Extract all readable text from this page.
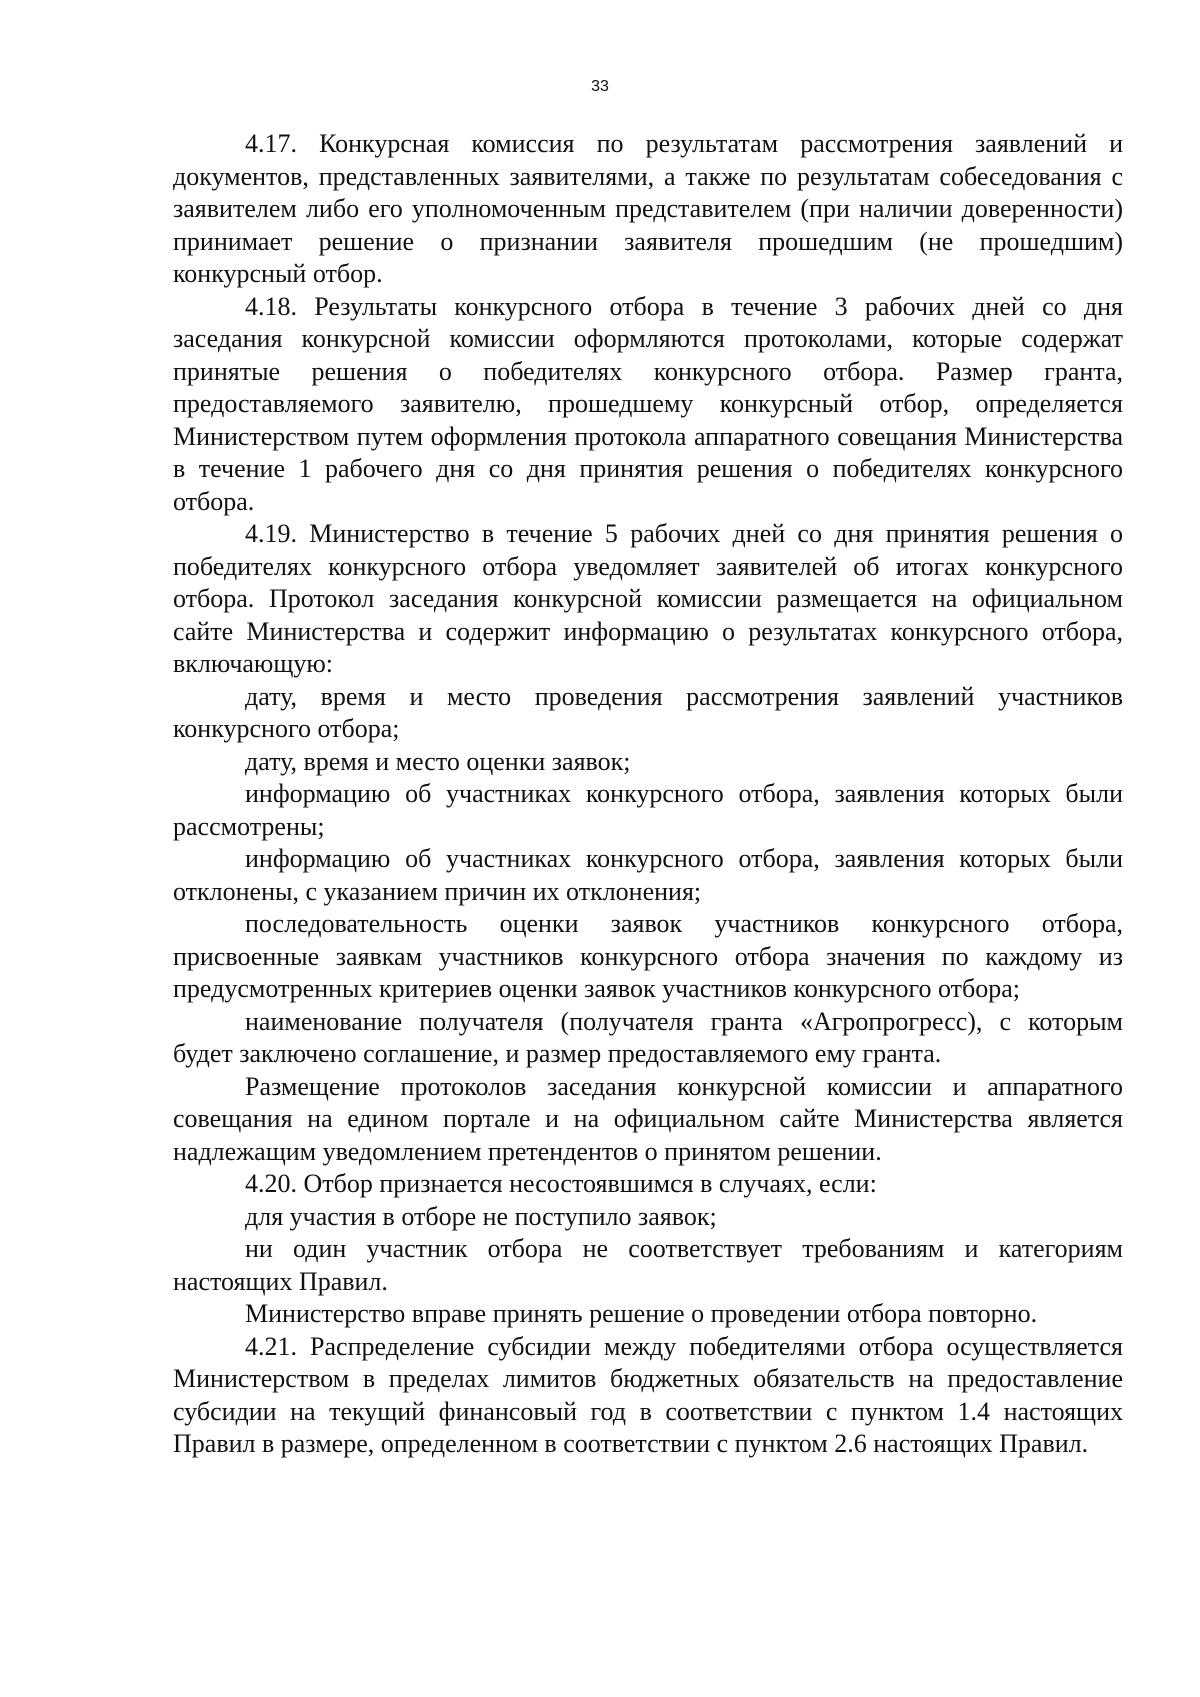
33

4.17. Конкурсная комиссия по результатам рассмотрения заявлений и документов, представленных заявителями, а также по результатам собеседования с заявителем либо его уполномоченным представителем (при наличии доверенности) принимает решение о признании заявителя прошедшим (не прошедшим) конкурсный отбор.

4.18. Результаты конкурсного отбора в течение 3 рабочих дней со дня заседания конкурсной комиссии оформляются протоколами, которые содержат принятые решения о победителях конкурсного отбора. Размер гранта, предоставляемого заявителю, прошедшему конкурсный отбор, определяется Министерством путем оформления протокола аппаратного совещания Министерства в течение 1 рабочего дня со дня принятия решения о победителях конкурсного отбора.

4.19. Министерство в течение 5 рабочих дней со дня принятия решения о победителях конкурсного отбора уведомляет заявителей об итогах конкурсного отбора. Протокол заседания конкурсной комиссии размещается на официальном сайте Министерства и содержит информацию о результатах конкурсного отбора, включающую:

дату, время и место проведения рассмотрения заявлений участников конкурсного отбора;

дату, время и место оценки заявок;

информацию об участниках конкурсного отбора, заявления которых были рассмотрены;

информацию об участниках конкурсного отбора, заявления которых были отклонены, с указанием причин их отклонения;

последовательность оценки заявок участников конкурсного отбора, присвоенные заявкам участников конкурсного отбора значения по каждому из предусмотренных критериев оценки заявок участников конкурсного отбора;

наименование получателя (получателя гранта «Агропрогресс), с которым будет заключено соглашение, и размер предоставляемого ему гранта.

Размещение протоколов заседания конкурсной комиссии и аппаратного совещания на едином портале и на официальном сайте Министерства является надлежащим уведомлением претендентов о принятом решении.

4.20. Отбор признается несостоявшимся в случаях, если:

для участия в отборе не поступило заявок;

ни один участник отбора не соответствует требованиям и категориям настоящих Правил.

Министерство вправе принять решение о проведении отбора повторно.

4.21. Распределение субсидии между победителями отбора осуществляется Министерством в пределах лимитов бюджетных обязательств на предоставление субсидии на текущий финансовый год в соответствии с пунктом 1.4 настоящих Правил в размере, определенном в соответствии с пунктом 2.6 настоящих Правил.
